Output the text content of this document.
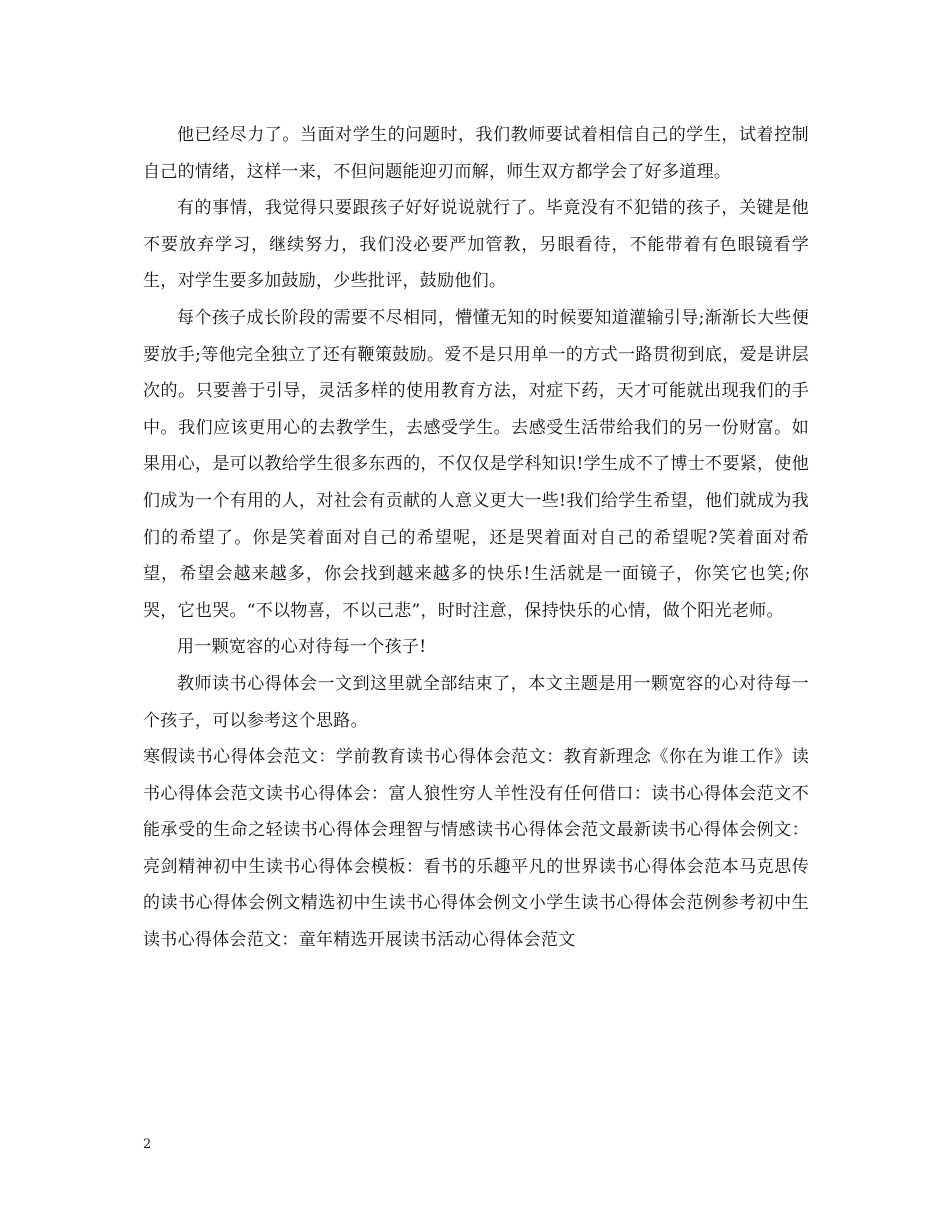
他已经尽力了。当面对学生的问题时，我们教师要试着相信自己的学生，试着控制自己的情绪，这样一来，不但问题能迎刃而解，师生双方都学会了好多道理。

有的事情，我觉得只要跟孩子好好说说就行了。毕竟没有不犯错的孩子，关键是他不要放弃学习，继续努力，我们没必要严加管教，另眼看待，不能带着有色眼镜看学生，对学生要多加鼓励，少些批评，鼓励他们。

每个孩子成长阶段的需要不尽相同，懵懂无知的时候要知道灌输引导;渐渐长大些便要放手;等他完全独立了还有鞭策鼓励。爱不是只用单一的方式一路贯彻到底，爱是讲层次的。只要善于引导，灵活多样的使用教育方法，对症下药，天才可能就出现我们的手中。我们应该更用心的去教学生，去感受学生。去感受生活带给我们的另一份财富。如果用心，是可以教给学生很多东西的，不仅仅是学科知识!学生成不了博士不要紧，使他们成为一个有用的人，对社会有贡献的人意义更大一些!我们给学生希望，他们就成为我们的希望了。你是笑着面对自己的希望呢，还是哭着面对自己的希望呢?笑着面对希望，希望会越来越多，你会找到越来越多的快乐!生活就是一面镜子，你笑它也笑;你哭，它也哭。“不以物喜，不以己悲”，时时注意，保持快乐的心情，做个阳光老师。

用一颗宽容的心对待每一个孩子!

教师读书心得体会一文到这里就全部结束了，本文主题是用一颗宽容的心对待每一个孩子，可以参考这个思路。

寒假读书心得体会范文：学前教育读书心得体会范文：教育新理念《你在为谁工作》读书心得体会范文读书心得体会：富人狼性穷人羊性没有任何借口：读书心得体会范文不能承受的生命之轻读书心得体会理智与情感读书心得体会范文最新读书心得体会例文：亮剑精神初中生读书心得体会模板：看书的乐趣平凡的世界读书心得体会范本马克思传的读书心得体会例文精选初中生读书心得体会例文小学生读书心得体会范例参考初中生读书心得体会范文：童年精选开展读书活动心得体会范文

2
